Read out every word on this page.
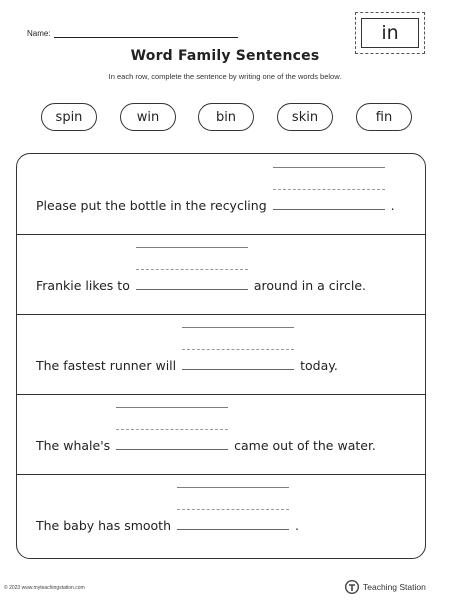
Name:	in
Word Family Sentences
In each row, complete the sentence by writing one of the words below.
spin	win	bin	skin	fin
Please put the bottle in the recycling	.
Frankie likes to	around in a circle.
The fastest runner will	today.
The whale's	came out of the water.
The baby has smooth	.
© 2023 www.myteachingstation.com	Teaching Station
